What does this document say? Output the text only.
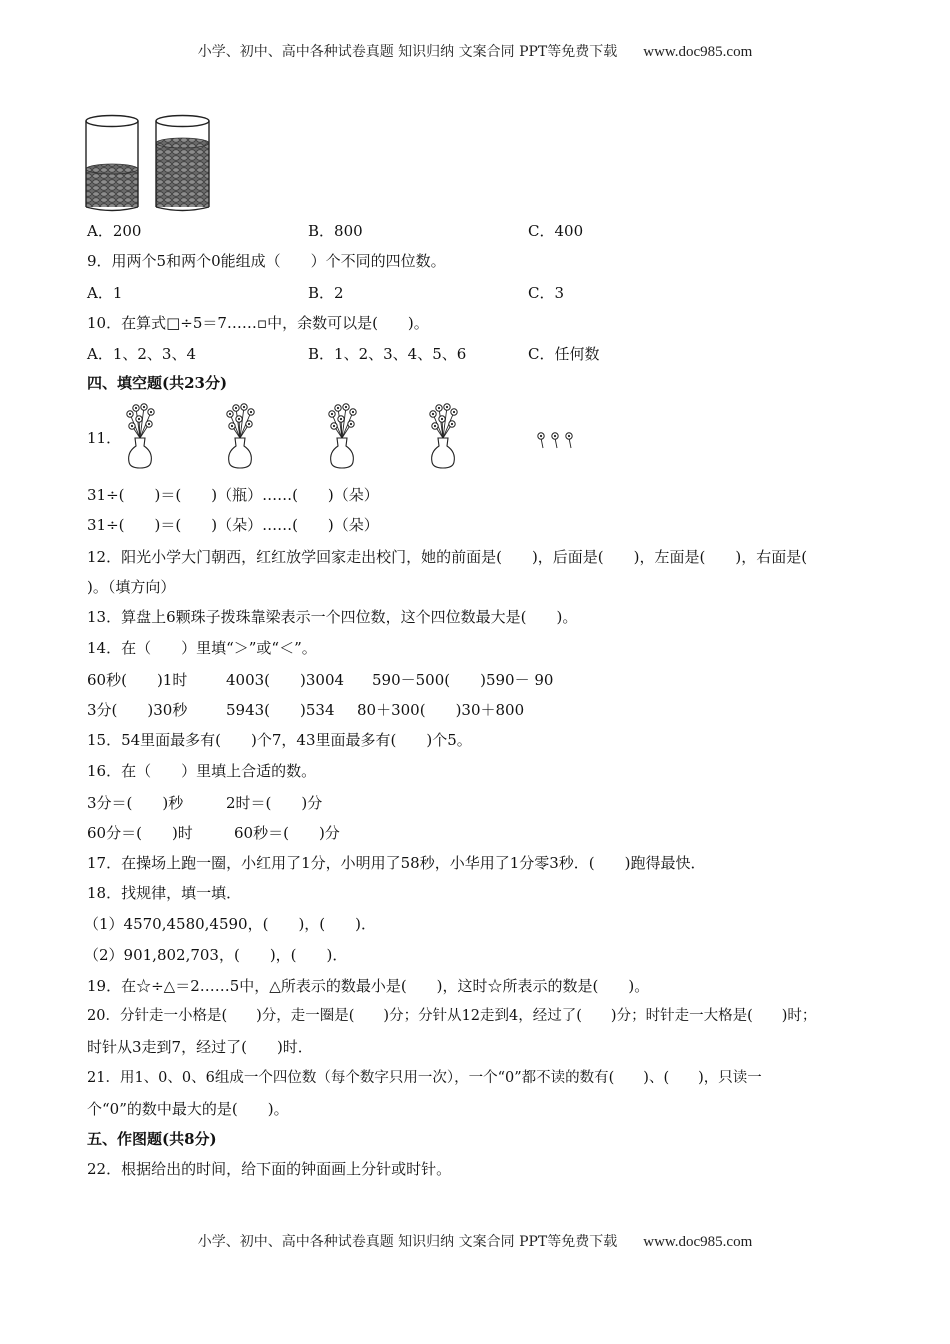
小学、初中、高中各种试卷真题 知识归纳 文案合同 PPT等免费下载 www.doc985.com
A．200	B．800	C．400
9．用两个5和两个0能组成（　　）个不同的四位数。
A．1	B．2	C．3
10．在算式□÷5＝7……▫中，余数可以是(　　)。
A．1、2、3、4	B．1、2、3、4、5、6	C．任何数
四、填空题(共23分)
11．
31÷(　　)＝(　　)（瓶）……(　　)（朵）
31÷(　　)＝(　　)（朵）……(　　)（朵）
12．阳光小学大门朝西，红红放学回家走出校门，她的前面是(　　)，后面是(　　)，左面是(　　)，右面是(
)。（填方向）
13．算盘上6颗珠子拨珠靠梁表示一个四位数，这个四位数最大是(　　)。
14．在（　　）里填“＞”或“＜”。
60秒(　　)1时	4003(　　)3004 590－500(　　)590－ 90
3分(　　)30秒	5943(　　)534 80＋300(　　)30＋800
15．54里面最多有(　　)个7，43里面最多有(　　)个5。
16．在（　　）里填上合适的数。
3分＝(　　)秒	2时＝(　　)分
60分＝(　　)时	60秒＝(　　)分
17．在操场上跑一圈，小红用了1分，小明用了58秒，小华用了1分零3秒．(　　)跑得最快．
18．找规律，填一填．
（1）4570,4580,4590，(　　)，(　　)．
（2）901,802,703，(　　)，(　　)．
19．在☆÷△＝2……5中，△所表示的数最小是(　　)，这时☆所表示的数是(　　)。
20．分针走一小格是(　　)分，走一圈是(　　)分；分针从12走到4，经过了(　　)分；时针走一大格是(　　)时；
时针从3走到7，经过了(　　)时．
21．用1、0、0、6组成一个四位数（每个数字只用一次），一个“0”都不读的数有(　　)、(　　)，只读一
个“0”的数中最大的是(　　)。
五、作图题(共8分)
22．根据给出的时间，给下面的钟面画上分针或时针。
小学、初中、高中各种试卷真题 知识归纳 文案合同 PPT等免费下载 www.doc985.com
